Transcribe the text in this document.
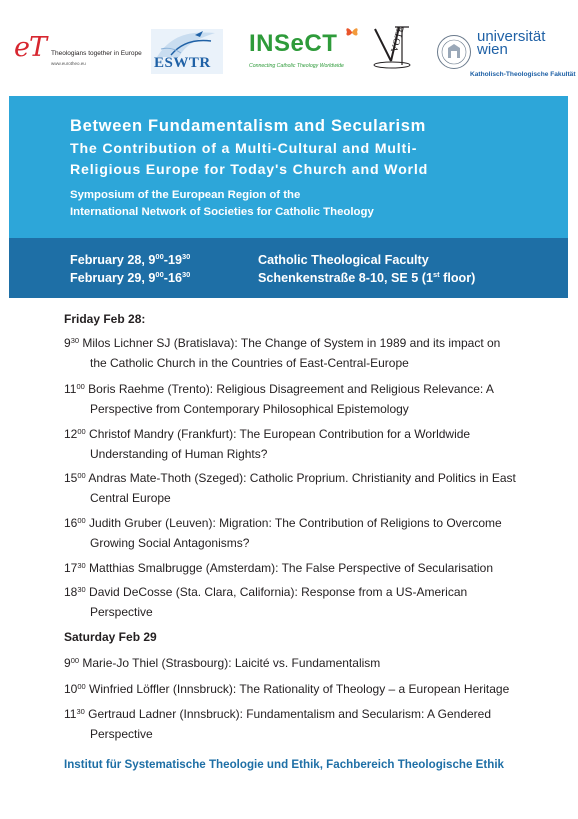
eT Theologians together in Europe
www.eurotheo.eu	ESWTR
INSeCT
Connecting Catholic Theology Worldwide
VOTE	universität
wien
Katholisch-Theologische Fakultät
Between Fundamentalism and Secularism
The Contribution of a Multi-Cultural and Multi-
Religious Europe for Today's Church and World
Symposium of the European Region of the
International Network of Societies for Catholic Theology
February 28, $9^{00}-19^{30}$
February 29, $9^{00}-16^{30}$
Catholic Theological Faculty
Schenkenstraße 8-10, SE 5 (1st floor)
Friday Feb 28:
$9^{30}$ Milos Lichner SJ (Bratislava): The Change of System in 1989 and its impact on
the Catholic Church in the Countries of East-Central-Europe
$11^{00}$ Boris Raehme (Trento): Religious Disagreement and Religious Relevance: A
Perspective from Contemporary Philosophical Epistemology
$12^{00}$ Christof Mandry (Frankfurt): The European Contribution for a Worldwide
Understanding of Human Rights?
$15^{00}$ Andras Mate-Thoth (Szeged): Catholic Proprium. Christianity and Politics in East
Central Europe
$16^{00}$ Judith Gruber (Leuven): Migration: The Contribution of Religions to Overcome
Growing Social Antagonisms?
$17^{30}$ Matthias Smalbrugge (Amsterdam): The False Perspective of Secularisation
$18^{30}$ David DeCosse (Sta. Clara, California): Response from a US-American
Perspective
Saturday Feb 29
$9^{00}$ Marie-Jo Thiel (Strasbourg): Laicité vs. Fundamentalism
$10^{00}$ Winfried Löffler (Innsbruck): The Rationality of Theology – a European Heritage
$11^{30}$ Gertraud Ladner (Innsbruck): Fundamentalism and Secularism: A Gendered
Perspective
Institut für Systematische Theologie und Ethik, Fachbereich Theologische Ethik
